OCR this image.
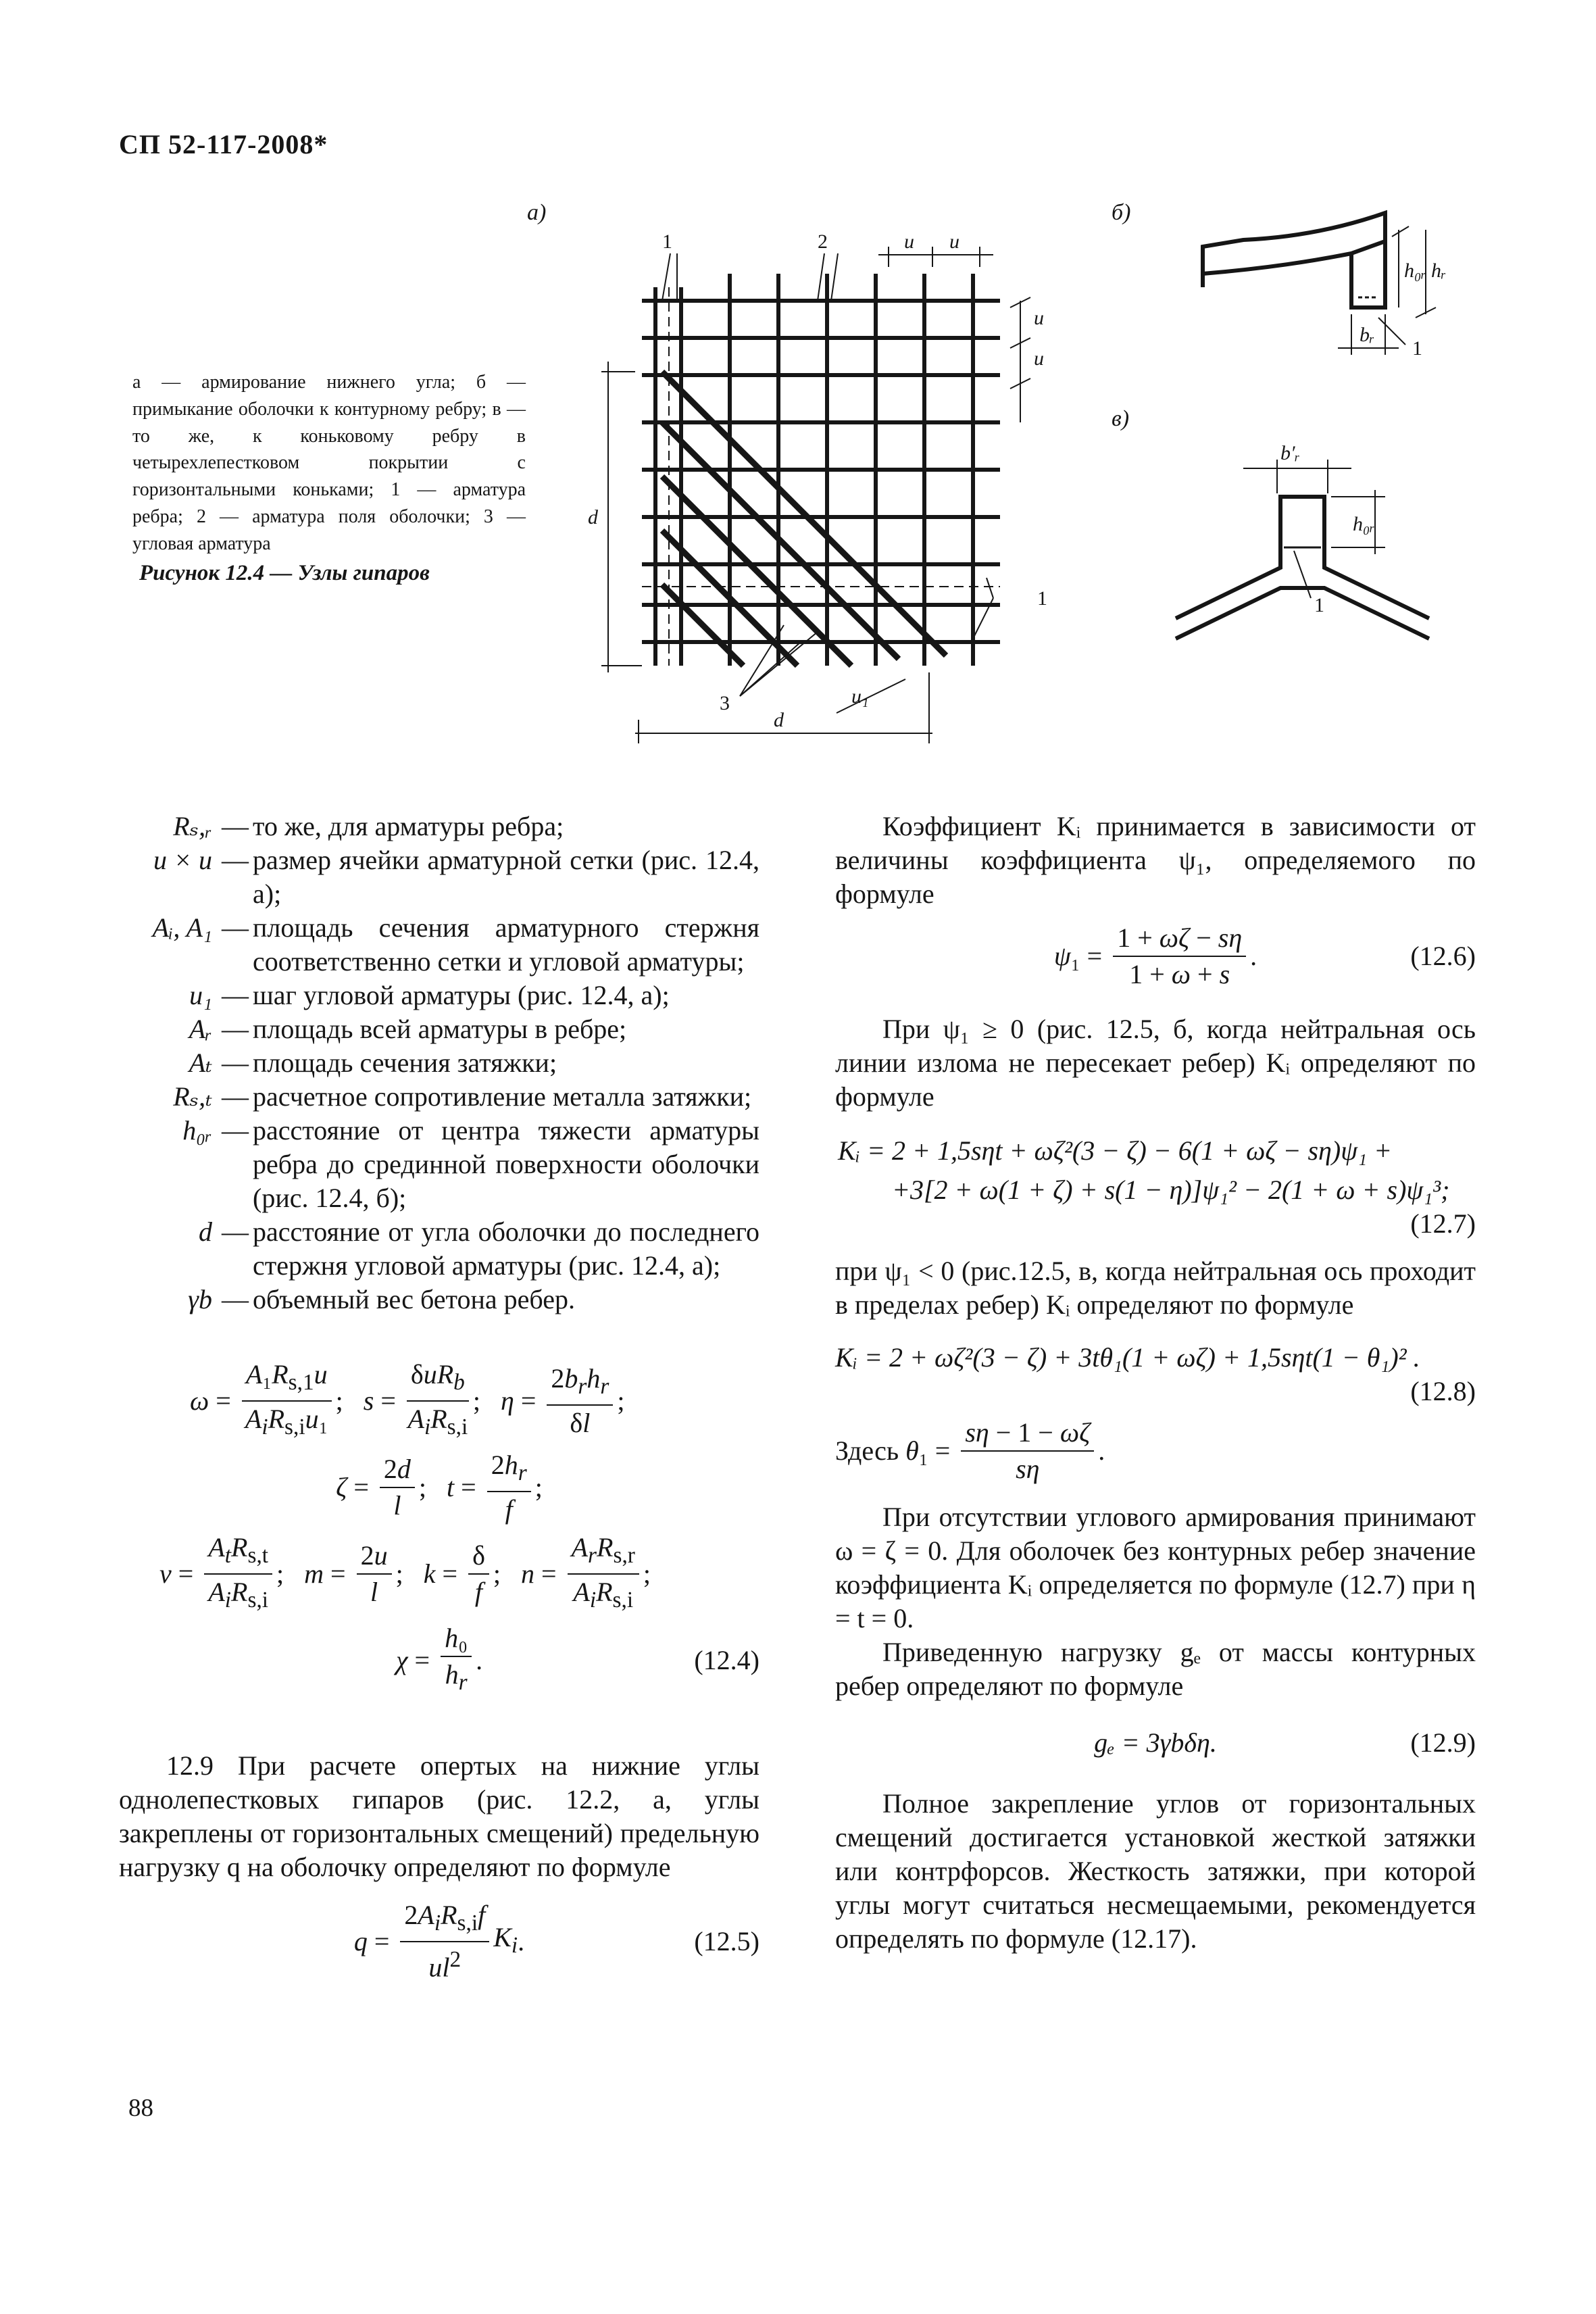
СП 52-117-2008*
а)	б)
в)
1	2
3
1
1
1
u u
u
u
u₁
d
d
h₀ᵣ hᵣ
bᵣ
b′ᵣ
h₀ᵣ
а — армирование нижнего угла; б — примыкание оболочки к контурному ребру; в — то же, к коньковому ребру в четырехлепестковом покрытии с горизонтальными коньками; 1 — арматура ребра; 2 — арматура поля оболочки; 3 — угловая арматура
Рисунок 12.4 — Узлы гипаров
Rₛ,ᵣ — то же, для арматуры ребра;
u × u — размер ячейки арматурной сетки (рис. 12.4, а);
Aᵢ, A₁ — площадь сечения арматурного стержня соответственно сетки и угловой арматуры;
u₁ — шаг угловой арматуры (рис. 12.4, а);
Aᵣ — площадь всей арматуры в ребре;
Aₜ — площадь сечения затяжки;
Rₛ,ₜ — расчетное сопротивление металла затяжки;
h₀ᵣ — расстояние от центра тяжести арматуры ребра до срединной поверхности оболочки (рис. 12.4, б);
d — расстояние от угла оболочки до последнего стержня угловой арматуры (рис. 12.4, а);
γb — объемный вес бетона ребер.
ω =
$A_1R_{s,1}u$
$A_iR_{s,i}u_1$
; s =
δuR$_b$
$A_iR_{s,i}$
; η =
$2b_rh_r$
δl
;
ζ =
2d
l
; t =
$2h_r$
f
;
ν =
$A_tR_{s,t}$
$A_iR_{s,i}$
; m =
2u
l
; k =
δ
f
; n =
$A_rR_{s,r}$
$A_iR_{s,i}$
;
χ =
h₀
$h_r$
.	(12.4)

12.9 При расчете опертых на нижние углы однолепестковых гипаров (рис. 12.2, а, углы закреплены от горизонтальных смещений) предельную нагрузку q на оболочку определяют по формуле

q =
$2A_iR_{s,i}f$
$ul^2$
$K_i$ .	(12.5)

Коэффициент Kᵢ принимается в зависимости от величины коэффициента ψ₁, определяемого по формуле

ψ ₁ =
1 + ωζ − sη
1 + ω + s
.	(12.6)

При ψ₁ ≥ 0 (рис. 12.5, б, когда нейтральная ось линии излома не пересекает ребер) Kᵢ определяют по формуле

Kᵢ = 2 + 1,5sηt + ωζ²(3 − ζ) − 6(1 + ωζ − sη)ψ₁ +
+3[2 + ω(1 + ζ) + s(1 − η)]ψ₁² − 2(1 + ω + s)ψ₁³;
(12.7)

при ψ₁ < 0 (рис.12.5, в, когда нейтральная ось проходит в пределах ребер) Kᵢ определяют по формуле

Kᵢ = 2 + ωζ²(3 − ζ) + 3tθ₁(1 + ωζ) + 1,5sηt(1 − θ₁)² .
(12.8)
Здесь
θ ₁ =
sη − 1 − ωζ
sη
.

При отсутствии углового армирования принимают ω = ζ = 0. Для оболочек без контурных ребер значение коэффициента Kᵢ определяется по формуле (12.7) при η = t = 0.

Приведенную нагрузку gₑ от массы контурных ребер определяют по формуле

gₑ = 3γbδη.	(12.9)

Полное закрепление углов от горизонтальных смещений достигается установкой жесткой затяжки или контрфорсов. Жесткость затяжки, при которой углы могут считаться несмещаемыми, рекомендуется определять по формуле (12.17).

88
